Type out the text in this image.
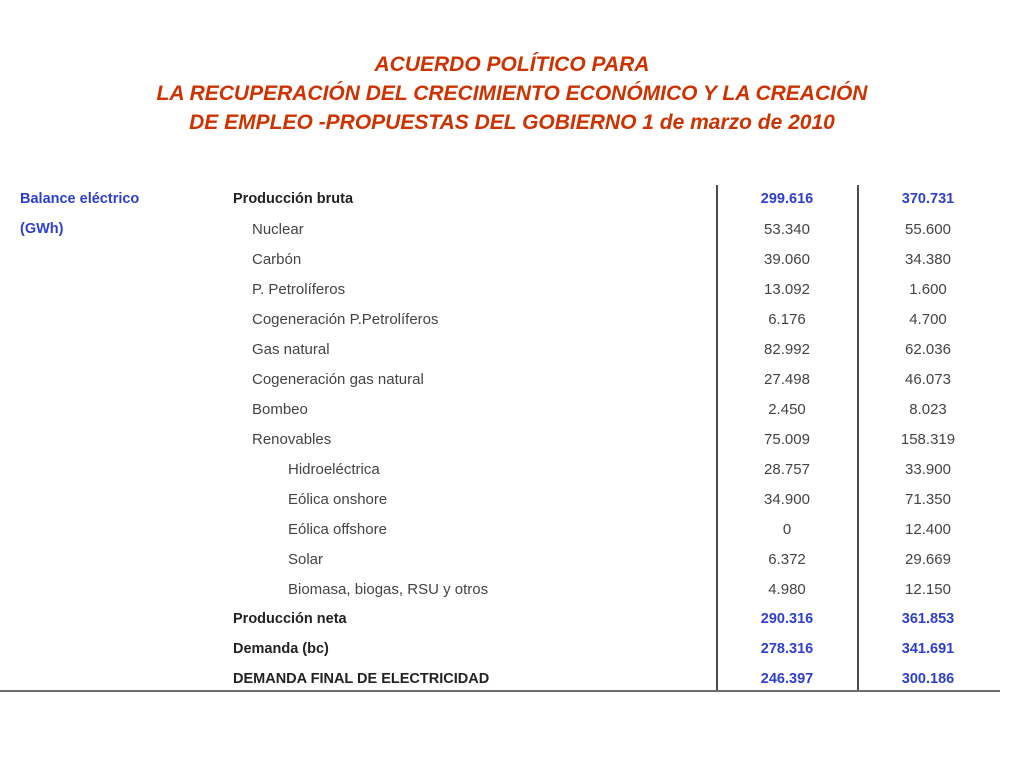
ACUERDO POLÍTICO PARA
LA RECUPERACIÓN DEL CRECIMIENTO ECONÓMICO Y LA CREACIÓN
DE EMPLEO -PROPUESTAS DEL GOBIERNO 1 de marzo de 2010
Balance eléctrico
(GWh)
Producción bruta	299.616	370.731
Nuclear	53.340	55.600
Carbón	39.060	34.380
P. Petrolíferos	13.092	1.600
Cogeneración P.Petrolíferos	6.176	4.700
Gas natural	82.992	62.036
Cogeneración gas natural	27.498	46.073
Bombeo	2.450	8.023
Renovables	75.009	158.319
Hidroeléctrica	28.757	33.900
Eólica onshore	34.900	71.350
Eólica offshore	0	12.400
Solar	6.372	29.669
Biomasa, biogas, RSU y otros	4.980	12.150
Producción neta	290.316	361.853
Demanda (bc)	278.316	341.691
DEMANDA FINAL DE ELECTRICIDAD	246.397	300.186
